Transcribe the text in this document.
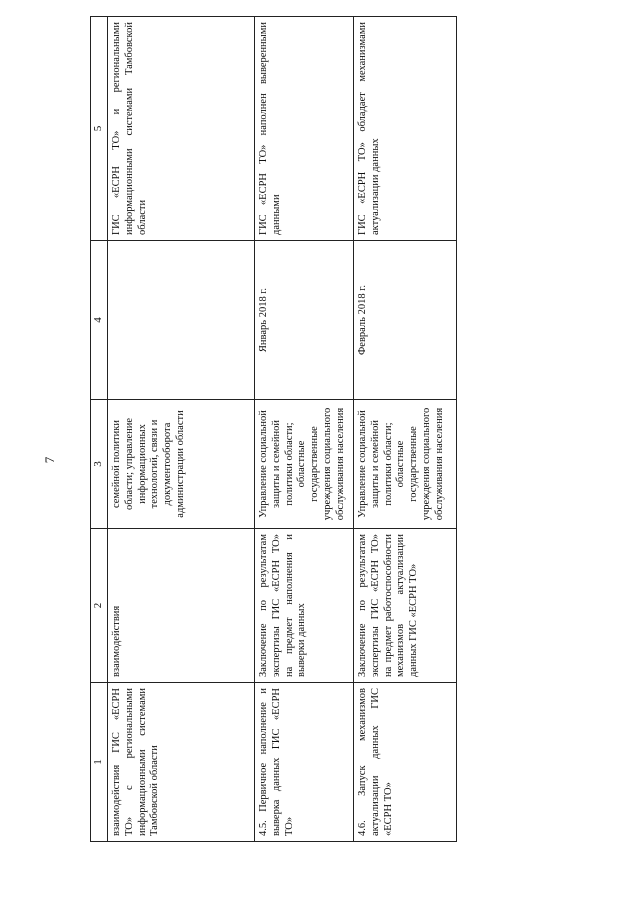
7
1	2	3	4	5
взаимодействия ГИС «ЕСРН ТО» с региональными информационными системами Тамбовской области	взаимодействия	семейной политики области; управление информационных технологий, связи и документооборота администрации области		ГИС «ЕСРН ТО» и региональными информационными системами Тамбовской области
4.5. Первичное наполнение и выверка данных ГИС «ЕСРН ТО»	Заключение по результатам экспертизы ГИС «ЕСРН ТО» на предмет наполнения и выверки данных	Управление социальной защиты и семейной политики области; областные государственные учреждения социального обслуживания населения	Январь 2018 г.	ГИС «ЕСРН ТО» наполнен выверенными данными
4.6. Запуск механизмов актуализации данных ГИС «ЕСРН ТО»	Заключение по результатам экспертизы ГИС «ЕСРН ТО» на предмет работоспособности механизмов актуализации данных ГИС «ЕСРН ТО»	Управление социальной защиты и семейной политики области; областные государственные учреждения социального обслуживания населения	Февраль 2018 г.	ГИС «ЕСРН ТО» обладает механизмами актуализации данных
